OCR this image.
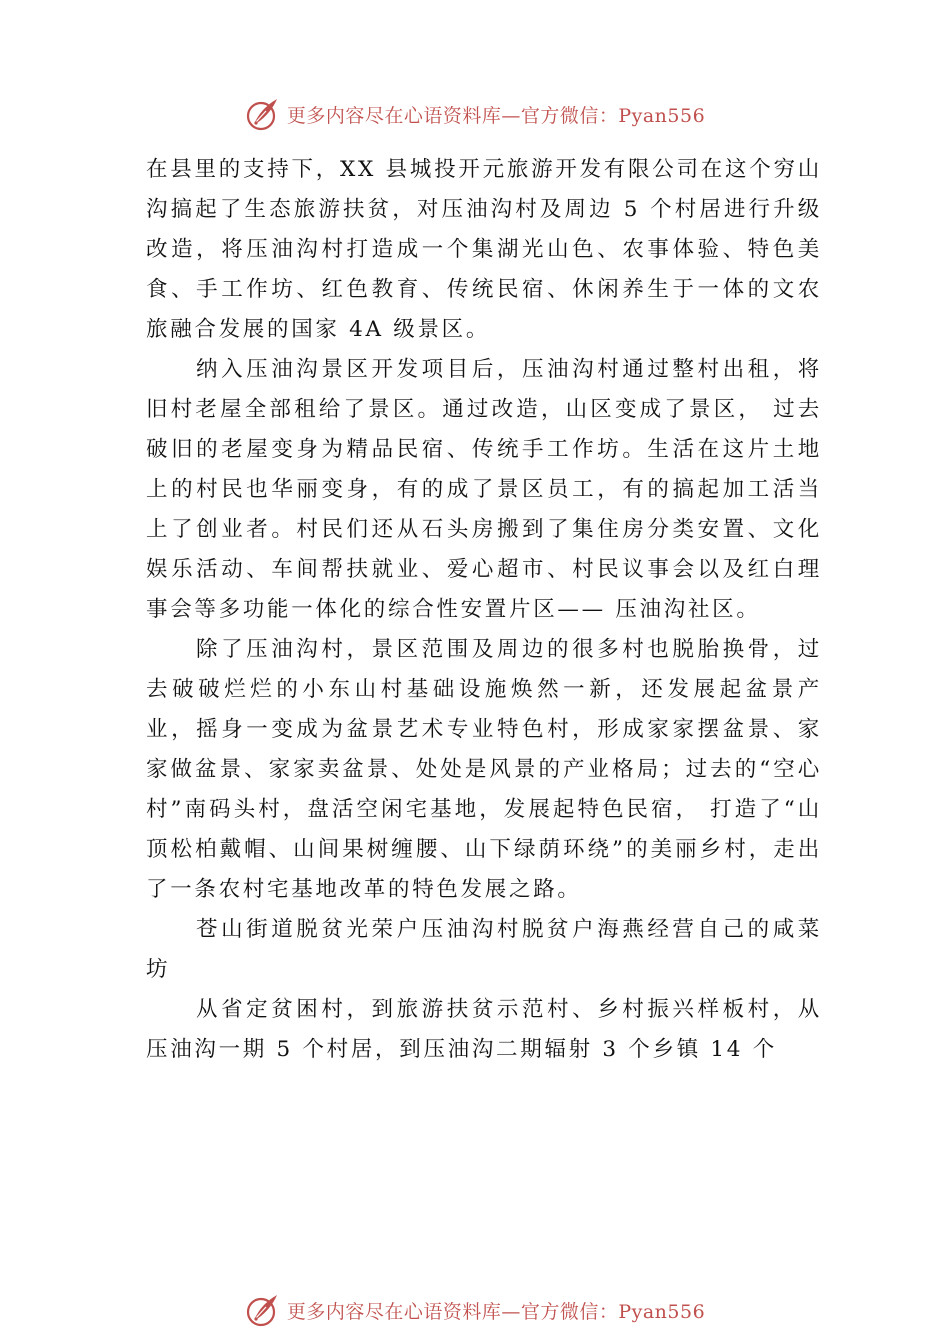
更多内容尽在心语资料库—官方微信：Pyan556

在县里的支持下，XX 县城投开元旅游开发有限公司在这个穷山沟搞起了生态旅游扶贫，对压油沟村及周边 5 个村居进行升级改造，将压油沟村打造成一个集湖光山色、农事体验、特色美食、手工作坊、红色教育、传统民宿、休闲养生于一体的文农旅融合发展的国家 4A 级景区。

纳入压油沟景区开发项目后，压油沟村通过整村出租，将旧村老屋全部租给了景区。通过改造，山区变成了景区， 过去破旧的老屋变身为精品民宿、传统手工作坊。生活在这片土地上的村民也华丽变身，有的成了景区员工，有的搞起加工活当上了创业者。村民们还从石头房搬到了集住房分类安置、文化娱乐活动、车间帮扶就业、爱心超市、村民议事会以及红白理事会等多功能一体化的综合性安置片区—— 压油沟社区。

除了压油沟村，景区范围及周边的很多村也脱胎换骨，过去破破烂烂的小东山村基础设施焕然一新，还发展起盆景产业，摇身一变成为盆景艺术专业特色村，形成家家摆盆景、家家做盆景、家家卖盆景、处处是风景的产业格局；过去的“空心村”南码头村，盘活空闲宅基地，发展起特色民宿， 打造了“山顶松柏戴帽、山间果树缠腰、山下绿荫环绕”的美丽乡村，走出了一条农村宅基地改革的特色发展之路。

苍山街道脱贫光荣户压油沟村脱贫户海燕经营自己的咸菜坊

从省定贫困村，到旅游扶贫示范村、乡村振兴样板村，从压油沟一期 5 个村居，到压油沟二期辐射 3 个乡镇 14 个

更多内容尽在心语资料库—官方微信：Pyan556
